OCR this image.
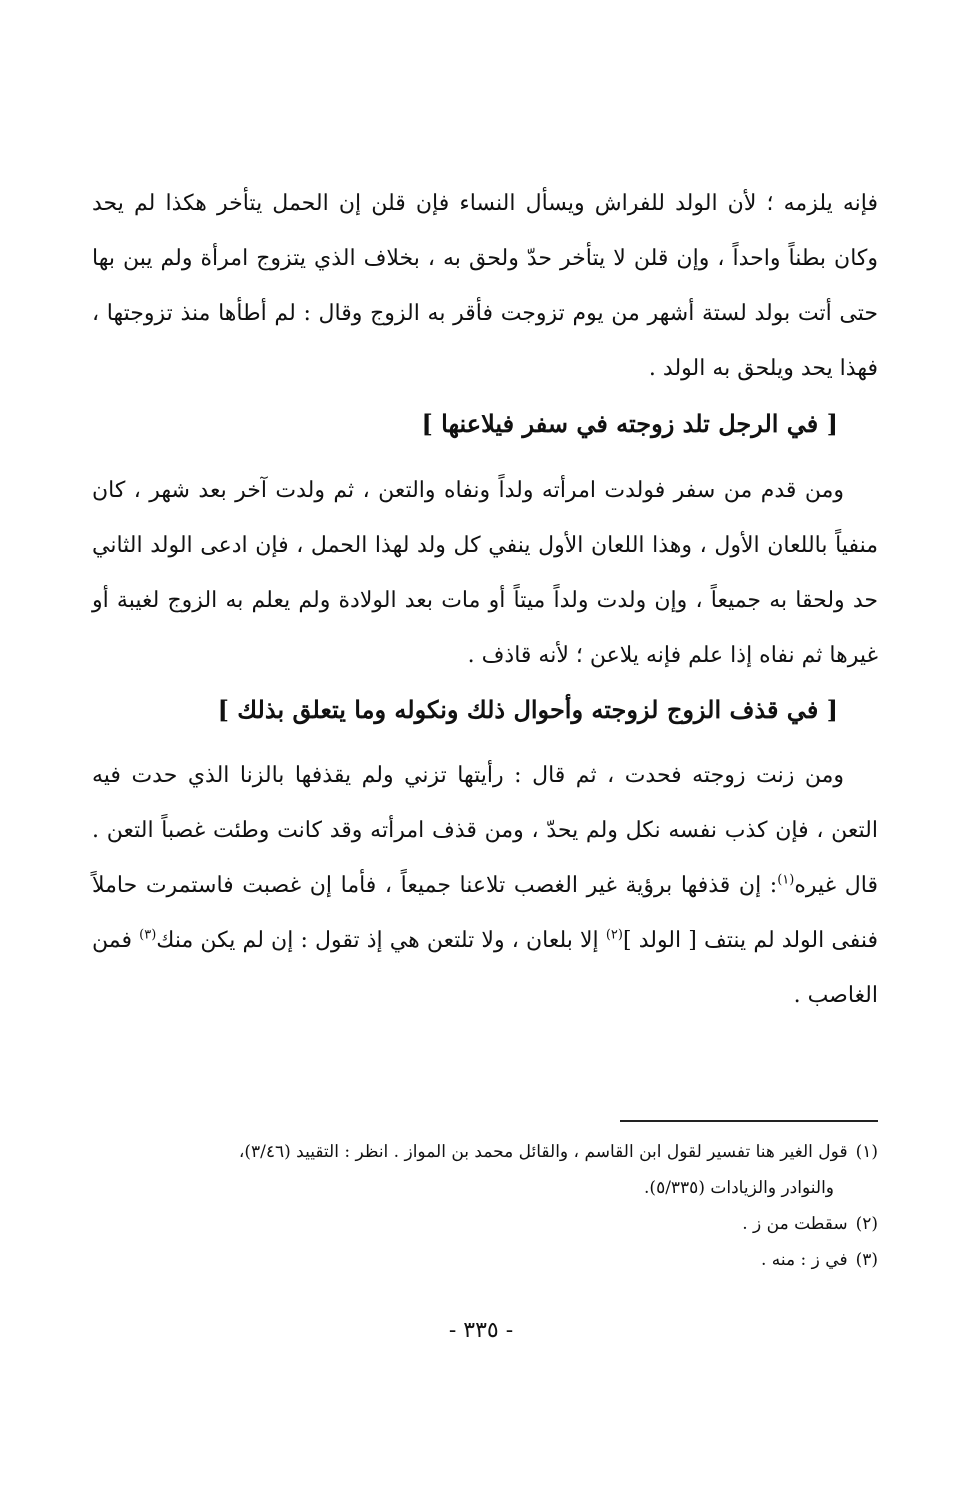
فإنه يلزمه ؛ لأن الولد للفراش ويسأل النساء فإن قلن إن الحمل يتأخر هكذا لم يحد وكان بطناً واحداً ، وإن قلن لا يتأخر حدّ ولحق به ، بخلاف الذي يتزوج امرأة ولم يبن بها حتى أتت بولد لستة أشهر من يوم تزوجت فأقر به الزوج وقال : لم أطأها منذ تزوجتها ، فهذا يحد ويلحق به الولد .

[ في الرجل تلد زوجته في سفر فيلاعنها ]

ومن قدم من سفر فولدت امرأته ولداً ونفاه والتعن ، ثم ولدت آخر بعد شهر ، كان منفياً باللعان الأول ، وهذا اللعان الأول ينفي كل ولد لهذا الحمل ، فإن ادعى الولد الثاني حد ولحقا به جميعاً ، وإن ولدت ولداً ميتاً أو مات بعد الولادة ولم يعلم به الزوج لغيبة أو غيرها ثم نفاه إذا علم فإنه يلاعن ؛ لأنه قاذف .

[ في قذف الزوج لزوجته وأحوال ذلك ونكوله وما يتعلق بذلك ]

ومن زنت زوجته فحدت ، ثم قال : رأيتها تزني ولم يقذفها بالزنا الذي حدت فيه التعن ، فإن كذب نفسه نكل ولم يحدّ ، ومن قذف امرأته وقد كانت وطئت غصباً التعن . قال غيره$^{(١)}$: إن قذفها برؤية غير الغصب تلاعنا جميعاً ، فأما إن غصبت فاستمرت حاملاً فنفى الولد لم ينتف [ الولد ]$^{(٢)}$ إلا بلعان ، ولا تلتعن هي إذ تقول : إن لم يكن منك$^{(٣)}$ فمن الغاصب .

(١)قول الغير هنا تفسير لقول ابن القاسم ، والقائل محمد بن المواز . انظر : التقييد (٣/٤٦)،

والنوادر والزيادات (٥/٣٣٥).

(٢)سقطت من ز .

(٣)في ز : منه .

- ٣٣٥ -
